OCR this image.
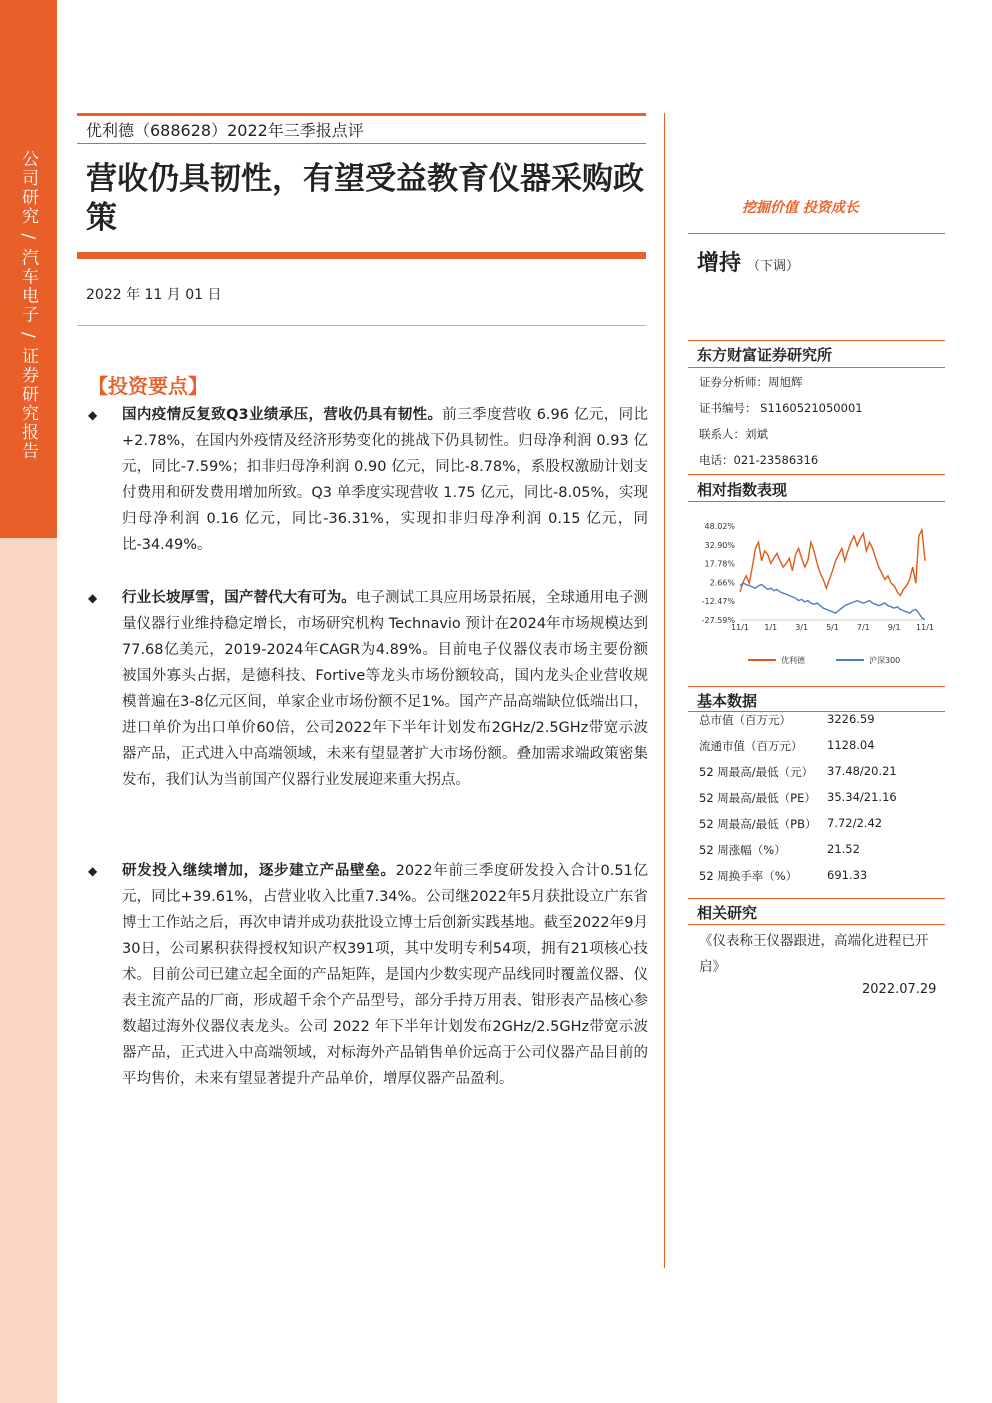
公司研究 / 汽车电子 / 证券研究报告
优利德（688628）2022年三季报点评
营收仍具韧性，有望受益教育仪器采购政策
2022 年 11 月 01 日
【投资要点】
◆ 国内疫情反复致Q3业绩承压，营收仍具有韧性。前三季度营收 6.96 亿元，同比+2.78%，在国内外疫情及经济形势变化的挑战下仍具韧性。归母净利润 0.93 亿元，同比-7.59%；扣非归母净利润 0.90 亿元，同比-8.78%，系股权激励计划支付费用和研发费用增加所致。Q3 单季度实现营收 1.75 亿元，同比-8.05%，实现归母净利润 0.16 亿元，同比-36.31%，实现扣非归母净利润 0.15 亿元，同比-34.49%。
◆ 行业长坡厚雪，国产替代大有可为。电子测试工具应用场景拓展，全球通用电子测量仪器行业维持稳定增长，市场研究机构 Technavio 预计在2024年市场规模达到77.68亿美元，2019-2024年CAGR为4.89%。目前电子仪器仪表市场主要份额被国外寡头占据，是德科技、Fortive等龙头市场份额较高，国内龙头企业营收规模普遍在3-8亿元区间，单家企业市场份额不足1%。国产产品高端缺位低端出口，进口单价为出口单价60倍，公司2022年下半年计划发布2GHz/2.5GHz带宽示波器产品，正式进入中高端领域，未来有望显著扩大市场份额。叠加需求端政策密集发布，我们认为当前国产仪器行业发展迎来重大拐点。
◆ 研发投入继续增加，逐步建立产品壁垒。2022年前三季度研发投入合计0.51亿元，同比+39.61%，占营业收入比重7.34%。公司继2022年5月获批设立广东省博士工作站之后，再次申请并成功获批设立博士后创新实践基地。截至2022年9月30日，公司累积获得授权知识产权391项，其中发明专利54项，拥有21项核心技术。目前公司已建立起全面的产品矩阵，是国内少数实现产品线同时覆盖仪器、仪表主流产品的厂商，形成超千余个产品型号，部分手持万用表、钳形表产品核心参数超过海外仪器仪表龙头。公司 2022 年下半年计划发布2GHz/2.5GHz带宽示波器产品，正式进入中高端领域，对标海外产品销售单价远高于公司仪器产品目前的平均售价，未来有望显著提升产品单价，增厚仪器产品盈利。
挖掘价值 投资成长
增持 （下调）
东方财富证券研究所
证券分析师：周旭辉
证书编号： S1160521050001
联系人：刘斌
电话：021-23586316
相对指数表现
48.02%
32.90%
17.78%
2.66%
-12.47%
-27.59%
11/1 1/1 3/1 5/1 7/1 9/1 11/1
优利德	沪深300
基本数据
总市值（百万元）	3226.59
流通市值（百万元） 1128.04
52 周最高/最低（元） 37.48/20.21
52 周最高/最低（PE） 35.34/21.16
52 周最高/最低（PB） 7.72/2.42
52 周涨幅（%）	21.52
52 周换手率（%）	691.33
相关研究
《仪表称王仪器跟进，高端化进程已开启》
2022.07.29
